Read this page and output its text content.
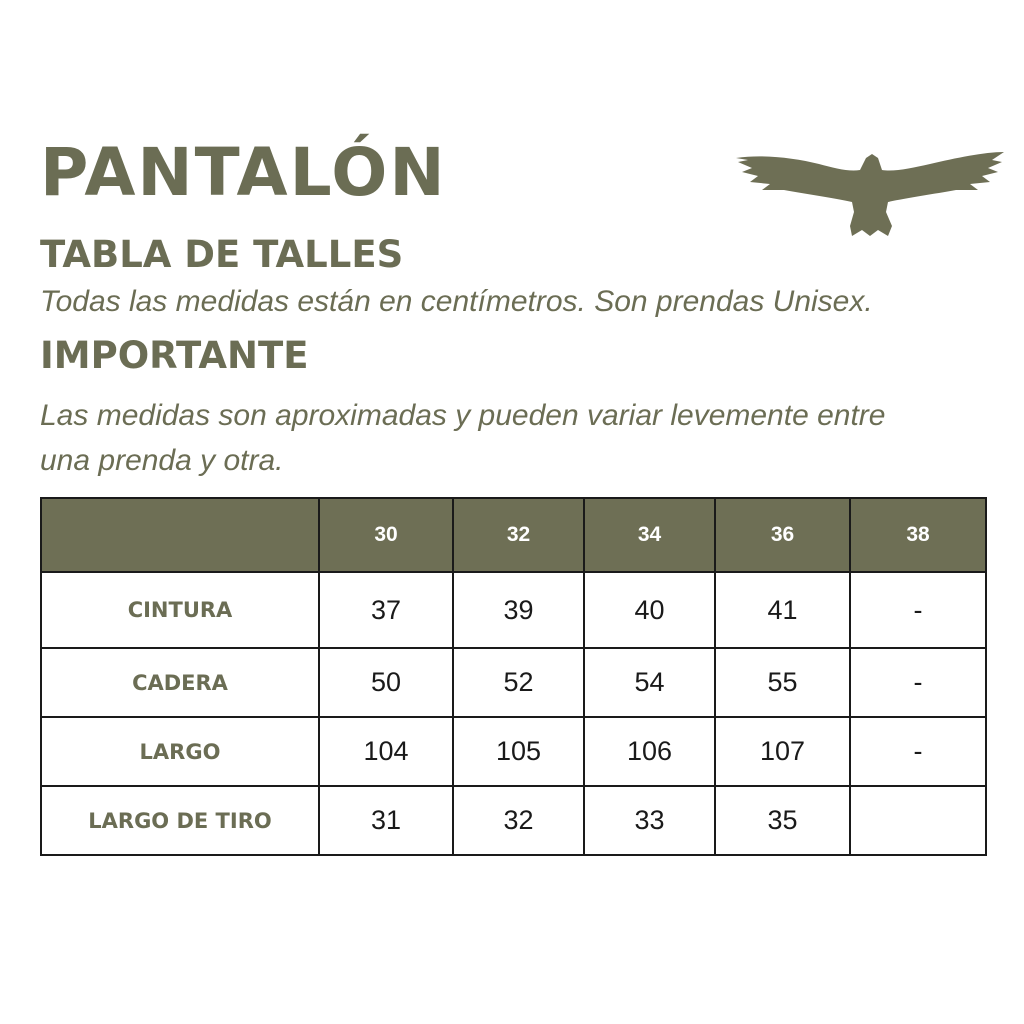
PANTALÓN
TABLA DE TALLES

Todas las medidas están en centímetros. Son prendas Unisex.

IMPORTANTE

Las medidas son aproximadas y pueden variar levemente entre una prenda y otra.

	30	32	34	36	38
CINTURA	37	39	40	41	-
CADERA	50	52	54	55	-
LARGO	104	105	106	107	-
LARGO DE TIRO	31	32	33	35	
